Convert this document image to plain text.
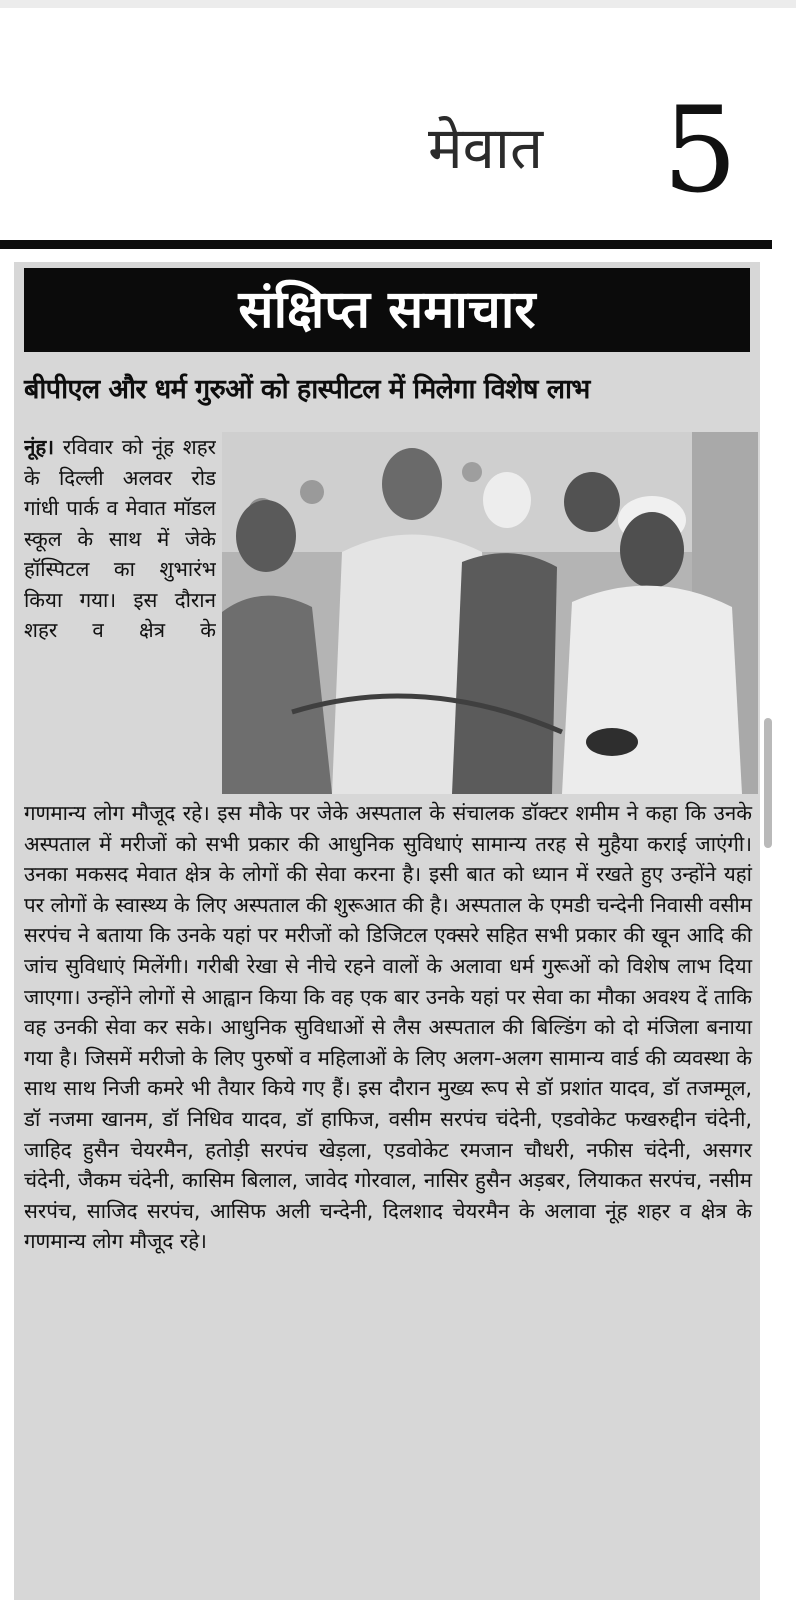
मेवात	5
संक्षिप्त समाचार
बीपीएल और धर्म गुरुओं को हास्पीटल में मिलेगा विशेष लाभ
नूंह। रविवार को नूंह शहर के दिल्ली अलवर रोड गांधी पार्क व मेवात मॉडल स्कूल के साथ में जेके हॉस्पिटल का शुभारंभ किया गया। इस दौरान शहर व क्षेत्र के

गणमान्य लोग मौजूद रहे। इस मौके पर जेके अस्पताल के संचालक डॉक्टर शमीम ने कहा कि उनके अस्पताल में मरीजों को सभी प्रकार की आधुनिक सुविधाएं सामान्य तरह से मुहैया कराई जाएंगी। उनका मकसद मेवात क्षेत्र के लोगों की सेवा करना है। इसी बात को ध्यान में रखते हुए उन्होंने यहां पर लोगों के स्वास्थ्य के लिए अस्पताल की शुरूआत की है। अस्पताल के एमडी चन्देनी निवासी वसीम सरपंच ने बताया कि उनके यहां पर मरीजों को डिजिटल एक्सरे सहित सभी प्रकार की खून आदि की जांच सुविधाएं मिलेंगी। गरीबी रेखा से नीचे रहने वालों के अलावा धर्म गुरूओं को विशेष लाभ दिया जाएगा। उन्होंने लोगों से आह्वान किया कि वह एक बार उनके यहां पर सेवा का मौका अवश्य दें ताकि वह उनकी सेवा कर सके। आधुनिक सुविधाओं से लैस अस्पताल की बिल्डिंग को दो मंजिला बनाया गया है। जिसमें मरीजो के लिए पुरुषों व महिलाओं के लिए अलग-अलग सामान्य वार्ड की व्यवस्था के साथ साथ निजी कमरे भी तैयार किये गए हैं। इस दौरान मुख्य रूप से डॉ प्रशांत यादव, डॉ तजम्मूल, डॉ नजमा खानम, डॉ निधिव यादव, डॉ हाफिज, वसीम सरपंच चंदेनी, एडवोकेट फखरुद्दीन चंदेनी, जाहिद हुसैन चेयरमैन, हतोड़ी सरपंच खेड़ला, एडवोकेट रमजान चौधरी, नफीस चंदेनी, असगर चंदेनी, जैकम चंदेनी, कासिम बिलाल, जावेद गोरवाल, नासिर हुसैन अड़बर, लियाकत सरपंच, नसीम सरपंच, साजिद सरपंच, आसिफ अली चन्देनी, दिलशाद चेयरमैन के अलावा नूंह शहर व क्षेत्र के गणमान्य लोग मौजूद रहे।
